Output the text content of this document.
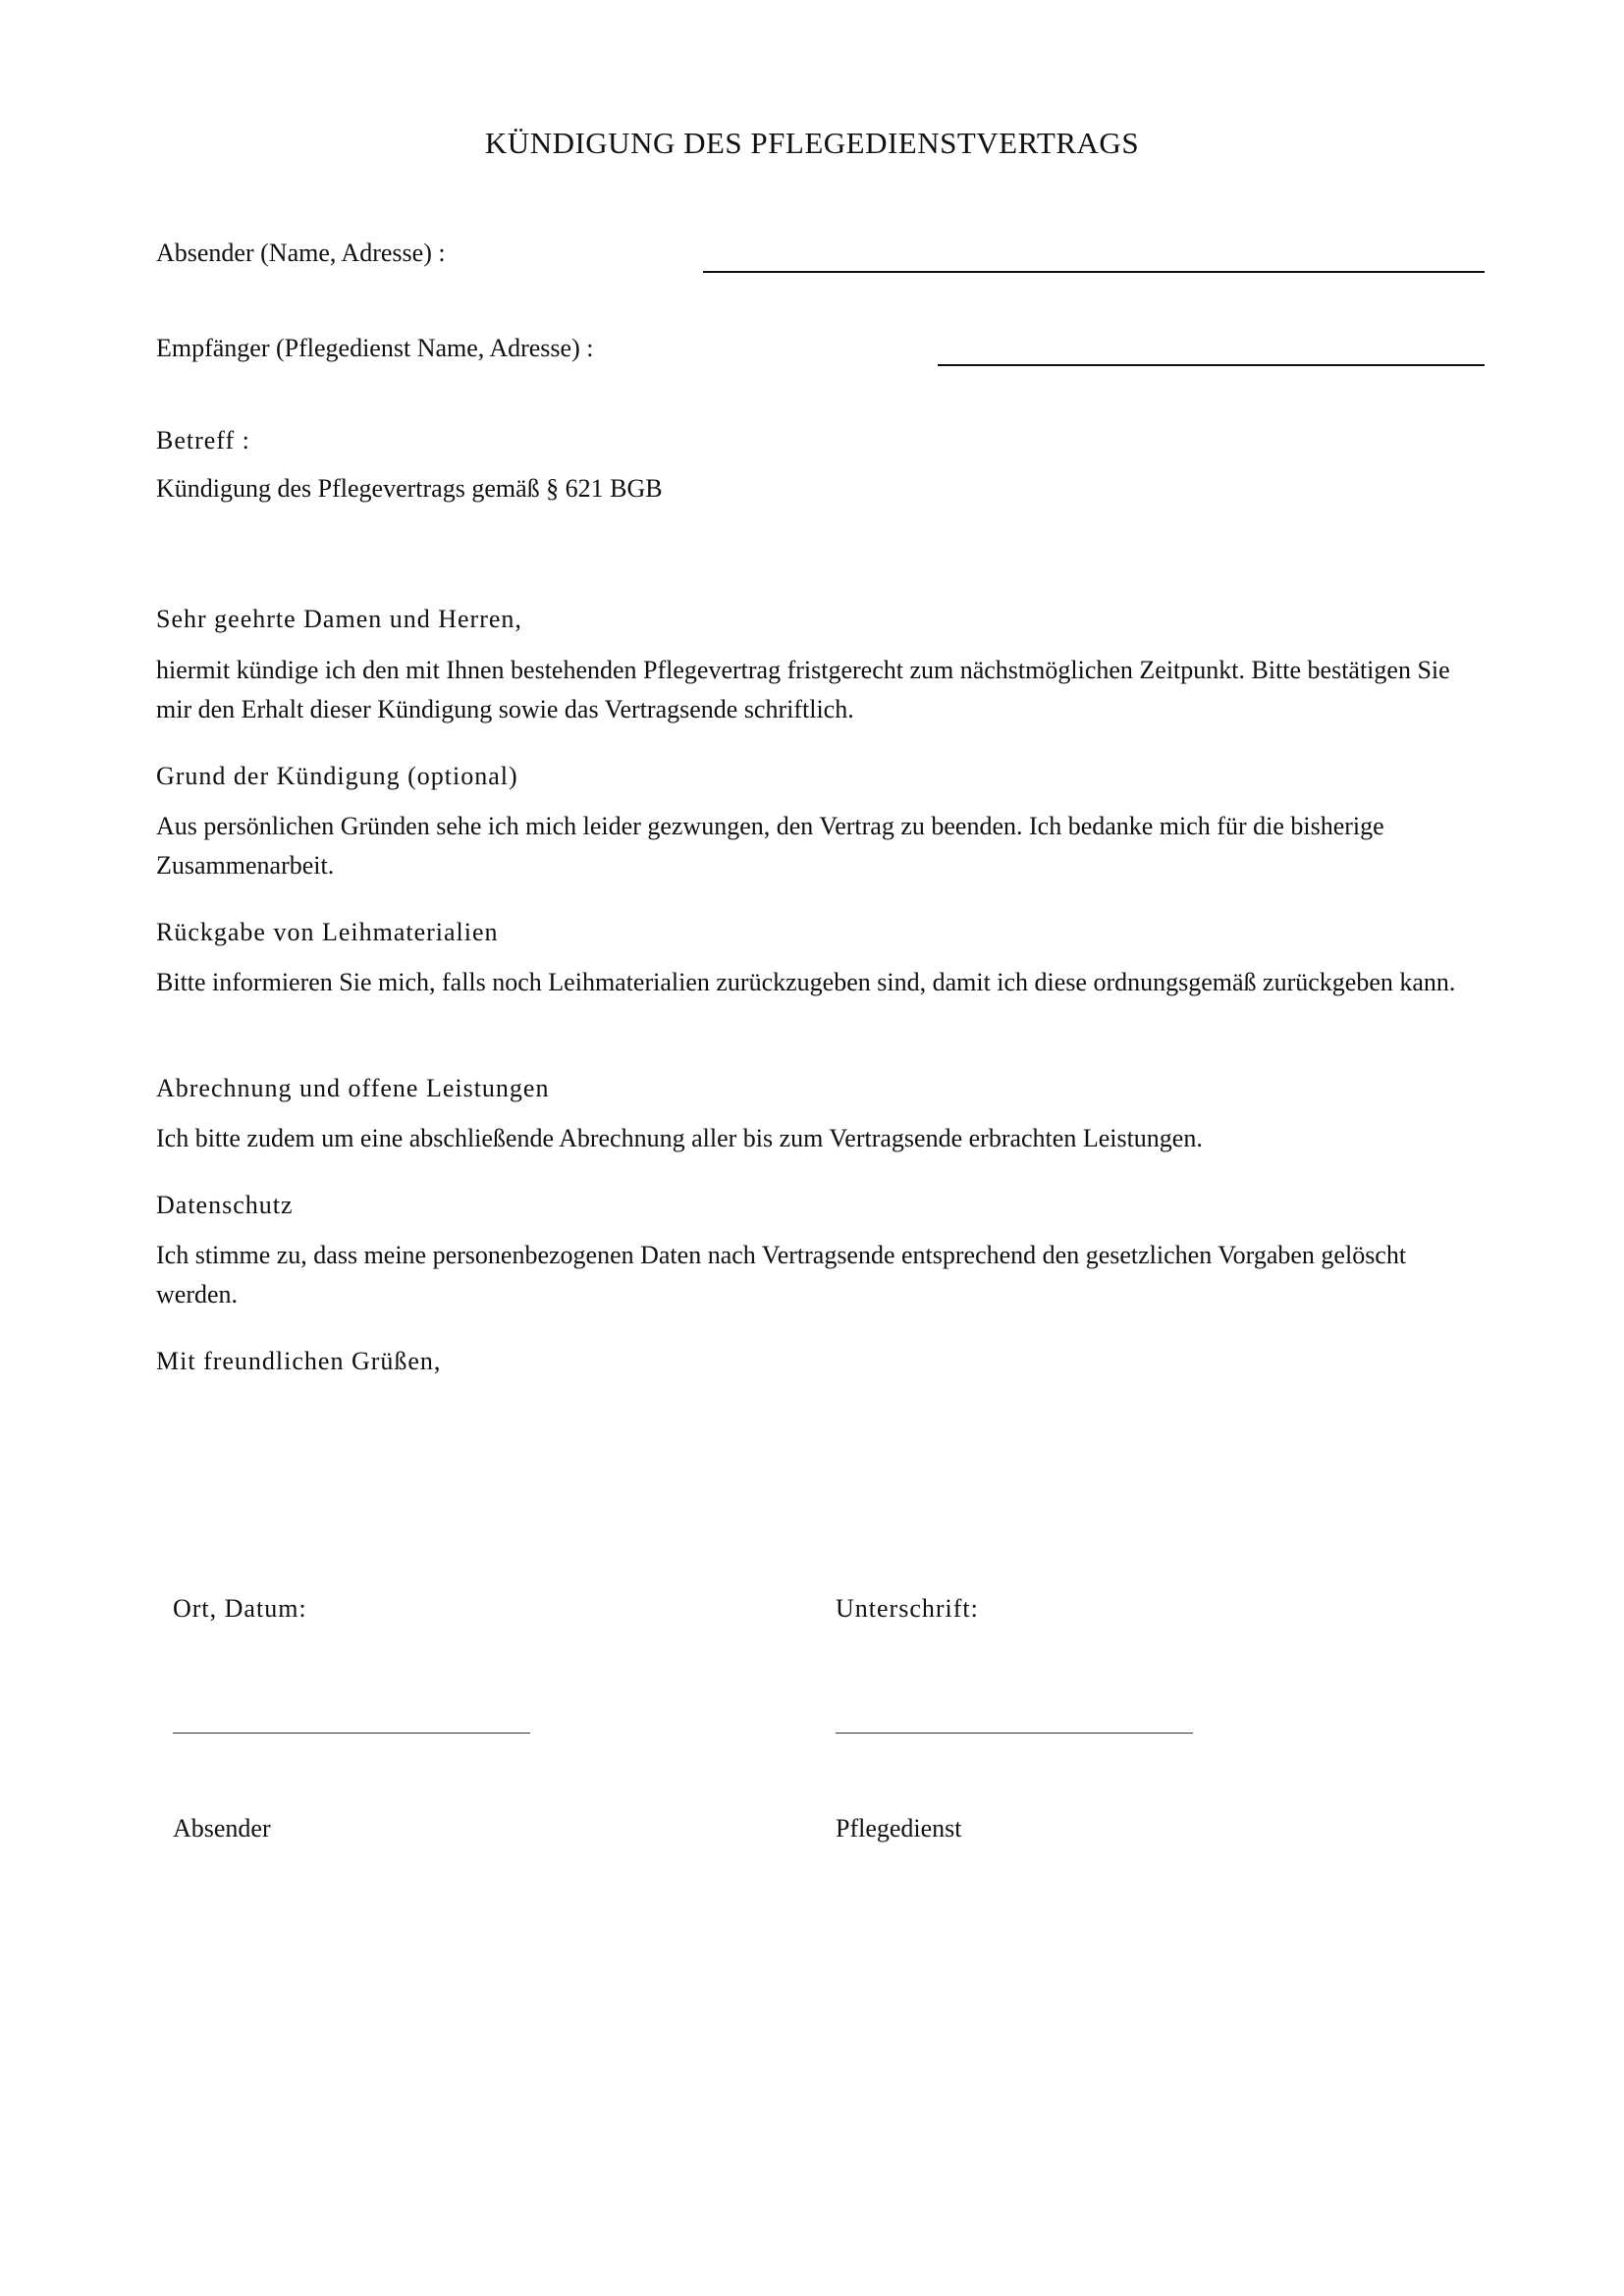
KÜNDIGUNG DES PFLEGEDIENSTVERTRAGS
Absender (Name, Adresse) :
Empfänger (Pflegedienst Name, Adresse) :
Betreff :
Kündigung des Pflegevertrags gemäß § 621 BGB
Sehr geehrte Damen und Herren,
hiermit kündige ich den mit Ihnen bestehenden Pflegevertrag fristgerecht zum nächstmöglichen Zeitpunkt. Bitte bestätigen Sie mir den Erhalt dieser Kündigung sowie das Vertragsende schriftlich.
Grund der Kündigung (optional)
Aus persönlichen Gründen sehe ich mich leider gezwungen, den Vertrag zu beenden. Ich bedanke mich für die bisherige Zusammenarbeit.
Rückgabe von Leihmaterialien
Bitte informieren Sie mich, falls noch Leihmaterialien zurückzugeben sind, damit ich diese ordnungsgemäß zurückgeben kann.
Abrechnung und offene Leistungen
Ich bitte zudem um eine abschließende Abrechnung aller bis zum Vertragsende erbrachten Leistungen.
Datenschutz
Ich stimme zu, dass meine personenbezogenen Daten nach Vertragsende entsprechend den gesetzlichen Vorgaben gelöscht werden.
Mit freundlichen Grüßen,
Ort, Datum:	Unterschrift:
Absender	Pflegedienst
